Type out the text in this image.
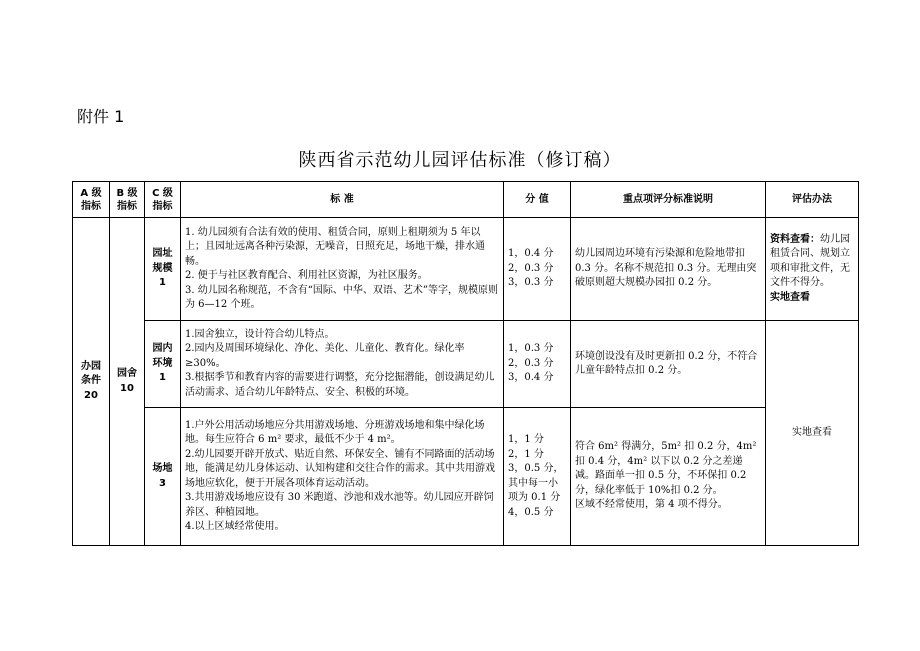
附件 1
陕西省示范幼儿园评估标准（修订稿）
A 级
指标	B 级
指标	C 级
指标	标 准	分 值	重点项评分标准说明	评估办法
办园
条件
20	园舍
10	园址
规模
1	1. 幼儿园须有合法有效的使用、租赁合同，原则上租期须为 5 年以上；且园址远离各种污染源，无噪音，日照充足，场地干燥，排水通畅。
2. 便于与社区教育配合、利用社区资源，为社区服务。
3. 幼儿园名称规范，不含有“国际、中华、双语、艺术”等字，规模原则为 6—12 个班。	1，0.4 分
2，0.3 分
3，0.3 分	幼儿园周边环境有污染源和危险地带扣 0.3 分。名称不规范扣 0.3 分。无理由突破原则超大规模办园扣 0.2 分。	资料查看：幼儿园租赁合同、规划立项和审批文件，无文件不得分。
实地查看
		园内
环境
1	1.园舍独立，设计符合幼儿特点。
2.园内及周围环境绿化、净化、美化、儿童化、教育化。绿化率≥30%。
3.根据季节和教育内容的需要进行调整，充分挖掘潜能，创设满足幼儿活动需求、适合幼儿年龄特点、安全、积极的环境。	1，0.3 分
2，0.3 分
3，0.4 分	环境创设没有及时更新扣 0.2 分，不符合儿童年龄特点扣 0.2 分。	实地查看
		场地
3	1.户外公用活动场地应分共用游戏场地、分班游戏场地和集中绿化场地。每生应符合 6 m² 要求，最低不少于 4 m²。
2.幼儿园要开辟开放式、贴近自然、环保安全、铺有不同路面的活动场地，能满足幼儿身体运动、认知构建和交往合作的需求。其中共用游戏场地应软化，便于开展各项体育运动活动。
3.共用游戏场地应设有 30 米跑道、沙池和戏水池等。幼儿园应开辟饲养区、种植园地。
4.以上区域经常使用。	1，1 分
2，1 分
3，0.5 分，其中每一小项为 0.1 分
4，0.5 分	符合 6m² 得满分，5m² 扣 0.2 分，4m² 扣 0.4 分，4m² 以下以 0.2 分之差递减。路面单一扣 0.5 分，不环保扣 0.2 分，绿化率低于 10%扣 0.2 分。
区域不经常使用，第 4 项不得分。	
